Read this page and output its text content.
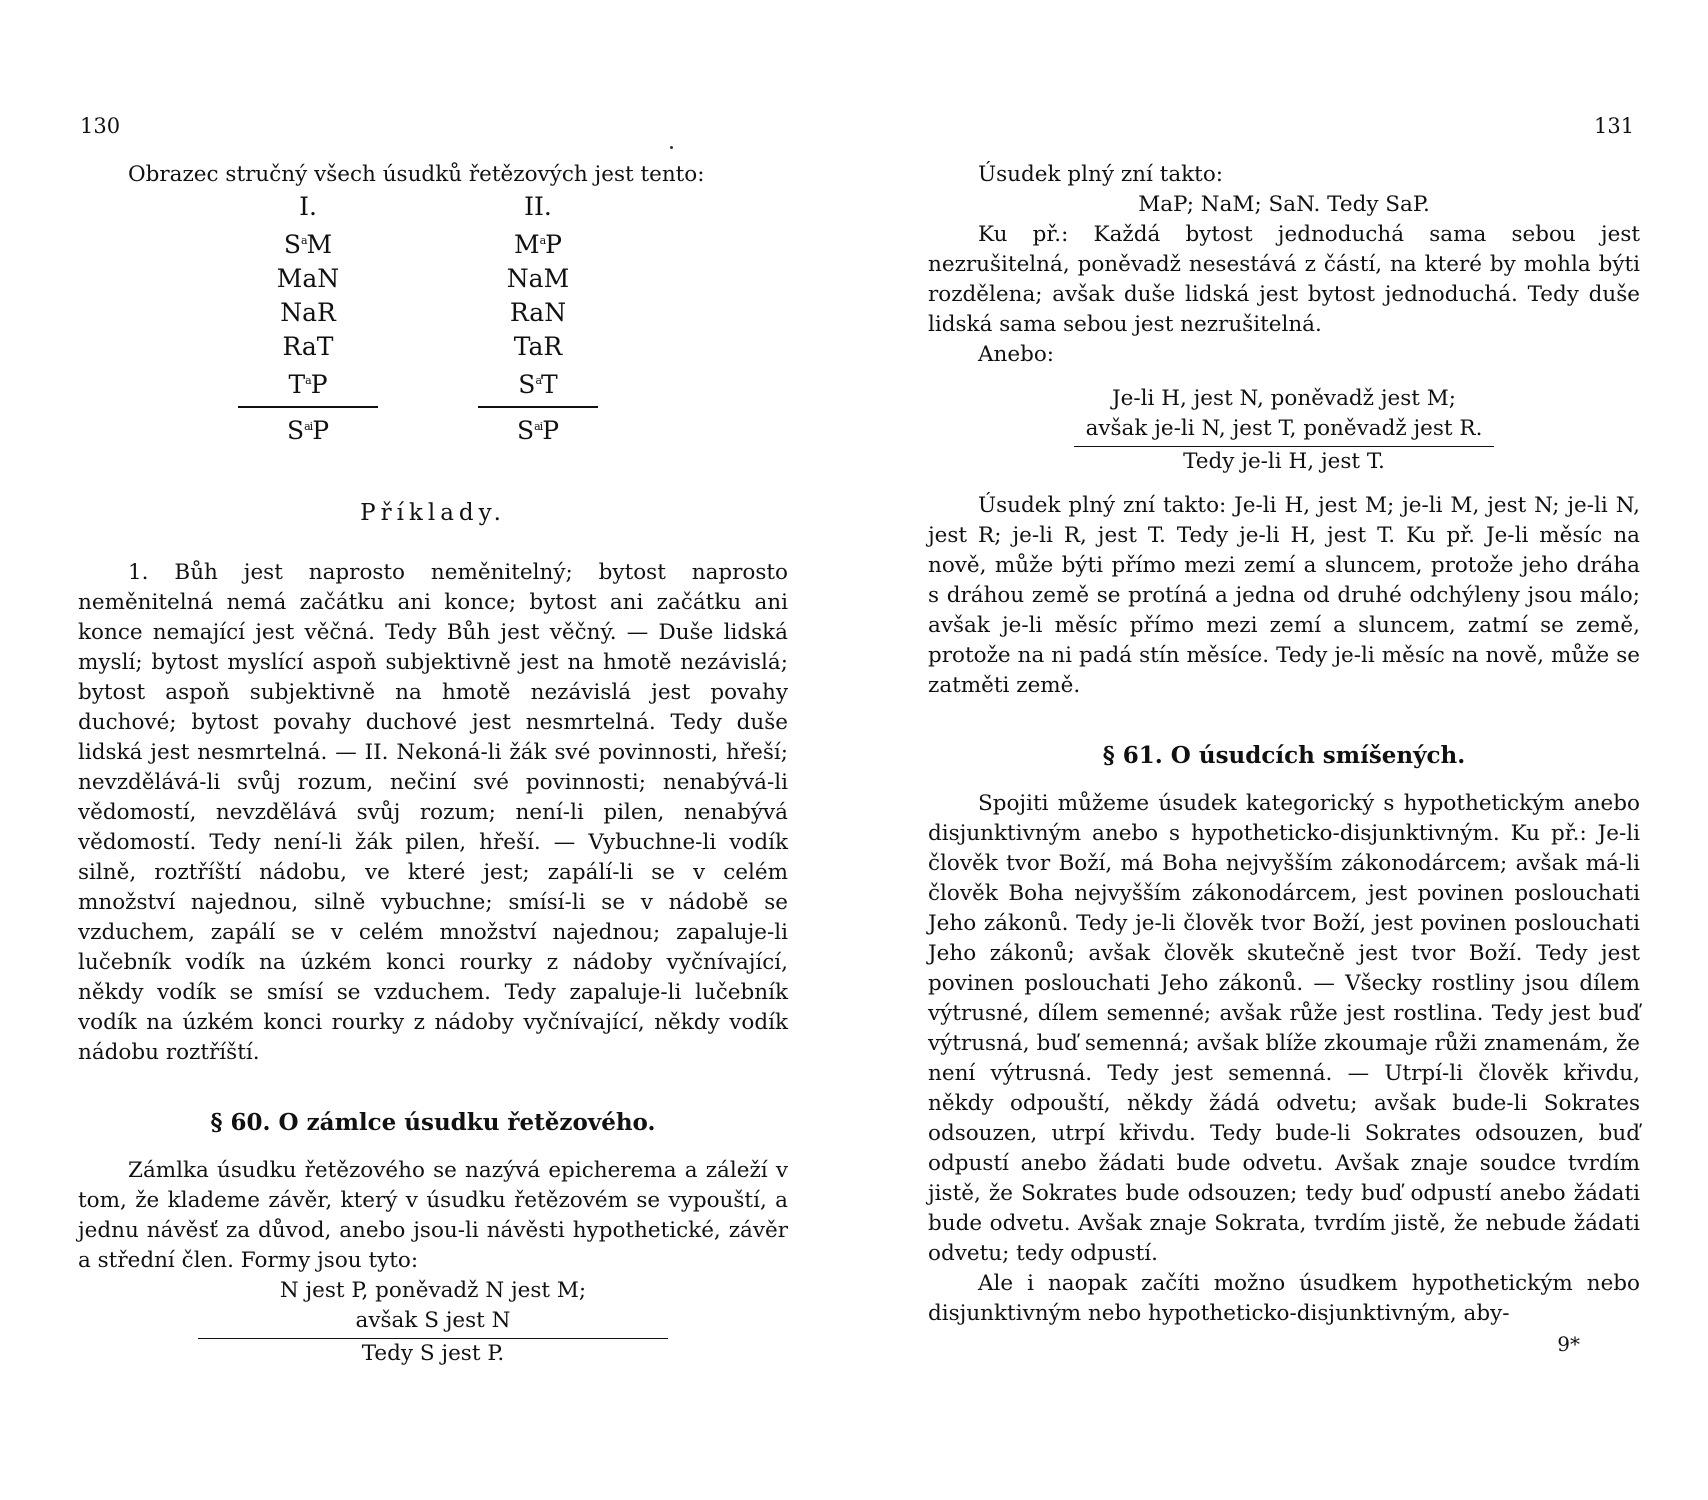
130

Obrazec stručný všech úsudků řetězových jest tento:

I.
$S^aM$
MaN
NaR
RaT
$T^aP$
$S^{ai}P$
II.
$M^aP$
NaM
RaN
TaR
$S^aT$
$S^{ai}P$
Příklady.

1. Bůh jest naprosto neměnitelný; bytost naprosto neměnitelná nemá začátku ani konce; bytost ani začátku ani konce nemající jest věčná. Tedy Bůh jest věčný. — Duše lidská myslí; bytost myslící aspoň subjektivně jest na hmotě nezávislá; bytost aspoň subjektivně na hmotě nezávislá jest povahy duchové; bytost povahy duchové jest nesmrtelná. Tedy duše lidská jest nesmrtelná. — II. Nekoná-li žák své povinnosti, hřeší; nevzdělává-li svůj rozum, nečiní své povinnosti; nenabývá-li vědomostí, nevzdělává svůj rozum; není-li pilen, nenabývá vědomostí. Tedy není-li žák pilen, hřeší. — Vybuchne-li vodík silně, roztříští nádobu, ve které jest; zapálí-li se v celém množství najednou, silně vybuchne; smísí-li se v nádobě se vzduchem, zapálí se v celém množství najednou; zapaluje-li lučebník vodík na úzkém konci rourky z nádoby vyčnívající, někdy vodík se smísí se vzduchem. Tedy zapaluje-li lučebník vodík na úzkém konci rourky z nádoby vyčnívající, někdy vodík nádobu roztříští.

§ 60. O zámlce úsudku řetězového.

Zámlka úsudku řetězového se nazývá epicherema a záleží v tom, že klademe závěr, který v úsudku řetězovém se vypouští, a jednu návěsť za důvod, anebo jsou-li návěsti hypothetické, závěr a střední člen. Formy jsou tyto:

N jest P, poněvadž N jest M;
avšak S jest N
Tedy S jest P.
131

Úsudek plný zní takto:

MaP; NaM; SaN. Tedy SaP.

Ku př.: Každá bytost jednoduchá sama sebou jest nezrušitelná, poněvadž nesestává z částí, na které by mohla býti rozdělena; avšak duše lidská jest bytost jednoduchá. Tedy duše lidská sama sebou jest nezrušitelná.

Anebo:

Je-li H, jest N, poněvadž jest M;
avšak je-li N, jest T, poněvadž jest R.
Tedy je-li H, jest T.

Úsudek plný zní takto: Je-li H, jest M; je-li M, jest N; je-li N, jest R; je-li R, jest T. Tedy je-li H, jest T. Ku př. Je-li měsíc na nově, může býti přímo mezi zemí a sluncem, protože jeho dráha s dráhou země se protíná a jedna od druhé odchýleny jsou málo; avšak je-li měsíc přímo mezi zemí a sluncem, zatmí se země, protože na ni padá stín měsíce. Tedy je-li měsíc na nově, může se zatměti země.

§ 61. O úsudcích smíšených.

Spojiti můžeme úsudek kategorický s hypothetickým anebo disjunktivným anebo s hypotheticko-disjunktivným. Ku př.: Je-li člověk tvor Boží, má Boha nejvyšším zákonodárcem; avšak má-li člověk Boha nejvyšším zákonodárcem, jest povinen poslouchati Jeho zákonů. Tedy je-li člověk tvor Boží, jest povinen poslouchati Jeho zákonů; avšak člověk skutečně jest tvor Boží. Tedy jest povinen poslouchati Jeho zákonů. — Všecky rostliny jsou dílem výtrusné, dílem semenné; avšak růže jest rostlina. Tedy jest buď výtrusná, buď semenná; avšak blíže zkoumaje růži znamenám, že není výtrusná. Tedy jest semenná. — Utrpí-li člověk křivdu, někdy odpouští, někdy žádá odvetu; avšak bude-li Sokrates odsouzen, utrpí křivdu. Tedy bude-li Sokrates odsouzen, buď odpustí anebo žádati bude odvetu. Avšak znaje soudce tvrdím jistě, že Sokrates bude odsouzen; tedy buď odpustí anebo žádati bude odvetu. Avšak znaje Sokrata, tvrdím jistě, že nebude žádati odvetu; tedy odpustí.

Ale i naopak začíti možno úsudkem hypothetickým nebo disjunktivným nebo hypotheticko-disjunktivným, aby-

9*
